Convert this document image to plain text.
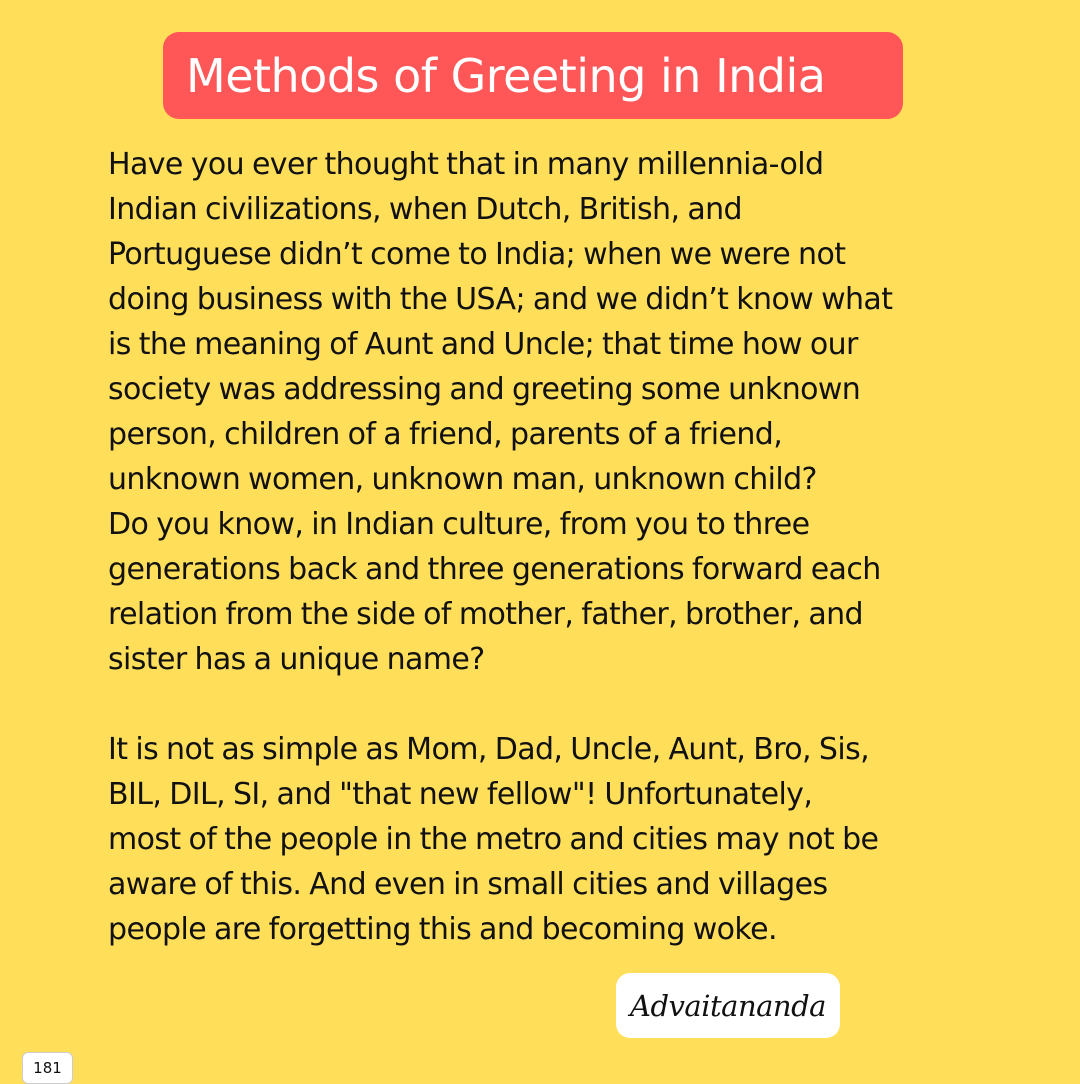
Methods of Greeting in India
Have you ever thought that in many millennia-old
Indian civilizations, when Dutch, British, and
Portuguese didn’t come to India; when we were not
doing business with the USA; and we didn’t know what
is the meaning of Aunt and Uncle; that time how our
society was addressing and greeting some unknown
person, children of a friend, parents of a friend,
unknown women, unknown man, unknown child?
Do you know, in Indian culture, from you to three
generations back and three generations forward each
relation from the side of mother, father, brother, and
sister has a unique name?
It is not as simple as Mom, Dad, Uncle, Aunt, Bro, Sis,
BIL, DIL, SI, and "that new fellow"! Unfortunately,
most of the people in the metro and cities may not be
aware of this. And even in small cities and villages
people are forgetting this and becoming woke.
Advaitananda
181
